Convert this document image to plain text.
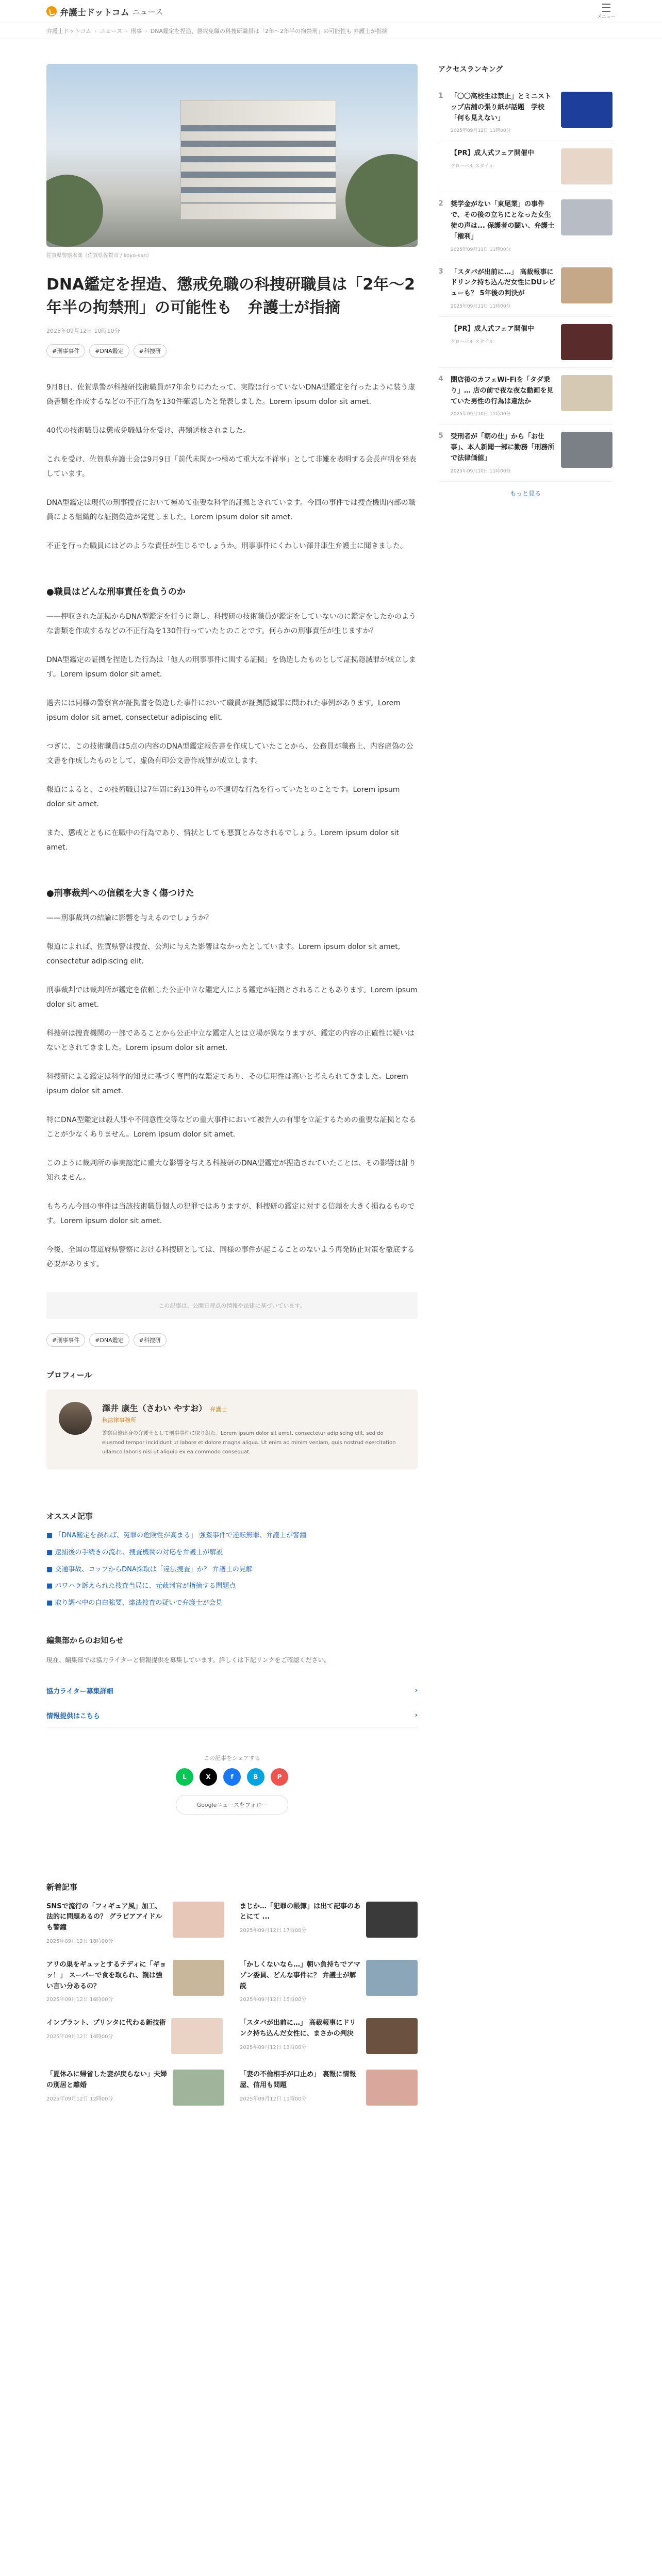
弁護士ドットコム ニュース
メニュー
弁護士ドットコム › ニュース › 刑事 › DNA鑑定を捏造、懲戒免職の科捜研職員は「2年〜2年半の拘禁刑」の可能性も 弁護士が指摘
佐賀県警察本部（佐賀県佐賀市 / koyo-san）
DNA鑑定を捏造、懲戒免職の科捜研職員は「2年〜2年半の拘禁刑」の可能性も　弁護士が指摘
2025年09月12日 10時10分
#刑事事件	#DNA鑑定	#科捜研

9月8日、佐賀県警が科捜研技術職員が7年余りにわたって、実際は行っていないDNA型鑑定を行ったように装う虚偽書類を作成するなどの不正行為を130件確認したと発表しました。Lorem ipsum dolor sit amet.

40代の技術職員は懲戒免職処分を受け、書類送検されました。

これを受け、佐賀県弁護士会は9月9日「前代未聞かつ極めて重大な不祥事」として非難を表明する会長声明を発表しています。

DNA型鑑定は現代の刑事捜査において極めて重要な科学的証拠とされています。今回の事件では捜査機関内部の職員による組織的な証拠偽造が発覚しました。Lorem ipsum dolor sit amet.

不正を行った職員にはどのような責任が生じるでしょうか。刑事事件にくわしい澤井康生弁護士に聞きました。

●職員はどんな刑事責任を負うのか

——押収された証拠からDNA型鑑定を行うに際し、科捜研の技術職員が鑑定をしていないのに鑑定をしたかのような書類を作成するなどの不正行為を130件行っていたとのことです。何らかの刑事責任が生じますか？

DNA型鑑定の証拠を捏造した行為は「他人の刑事事件に関する証拠」を偽造したものとして証拠隠滅罪が成立します。Lorem ipsum dolor sit amet.

過去には同様の警察官が証拠書を偽造した事件において職員が証拠隠滅罪に問われた事例があります。Lorem ipsum dolor sit amet, consectetur adipiscing elit.

つぎに、この技術職員は5点の内容のDNA型鑑定報告書を作成していたことから、公務員が職務上、内容虚偽の公文書を作成したものとして、虚偽有印公文書作成罪が成立します。

報道によると、この技術職員は7年間に約130件もの不適切な行為を行っていたとのことです。Lorem ipsum dolor sit amet.

また、懲戒とともに在職中の行為であり、情状としても悪質とみなされるでしょう。Lorem ipsum dolor sit amet.

●刑事裁判への信頼を大きく傷つけた

——刑事裁判の結論に影響を与えるのでしょうか？

報道によれば、佐賀県警は捜査、公判に与えた影響はなかったとしています。Lorem ipsum dolor sit amet, consectetur adipiscing elit.

刑事裁判では裁判所が鑑定を依頼した公正中立な鑑定人による鑑定が証拠とされることもあります。Lorem ipsum dolor sit amet.

科捜研は捜査機関の一部であることから公正中立な鑑定人とは立場が異なりますが、鑑定の内容の正確性に疑いはないとされてきました。Lorem ipsum dolor sit amet.

科捜研による鑑定は科学的知見に基づく専門的な鑑定であり、その信用性は高いと考えられてきました。Lorem ipsum dolor sit amet.

特にDNA型鑑定は殺人罪や不同意性交等などの重大事件において被告人の有罪を立証するための重要な証拠となることが少なくありません。Lorem ipsum dolor sit amet.

このように裁判所の事実認定に重大な影響を与える科捜研のDNA型鑑定が捏造されていたことは、その影響は計り知れません。

もちろん今回の事件は当該技術職員個人の犯罪ではありますが、科捜研の鑑定に対する信頼を大きく損ねるものです。Lorem ipsum dolor sit amet.

今後、全国の都道府県警察における科捜研としては、同様の事件が起こることのないよう再発防止対策を徹底する必要があります。

この記事は、公開日時点の情報や法律に基づいています。
#刑事事件	#DNA鑑定	#科捜研
プロフィール
澤井 康生（さわい やすお） 弁護士
秋法律事務所
警察官僚出身の弁護士として刑事事件に取り組む。Lorem ipsum dolor sit amet, consectetur adipiscing elit, sed do eiusmod tempor incididunt ut labore et dolore magna aliqua. Ut enim ad minim veniam, quis nostrud exercitation ullamco laboris nisi ut aliquip ex ea commodo consequat.
オススメ記事
■ 「DNA鑑定を誤れば、冤罪の危険性が高まる」 強姦事件で逆転無罪、弁護士が警鐘
■ 逮捕後の手続きの流れ、捜査機関の対応を弁護士が解説
■ 交通事故、コップからDNA採取は「違法捜査」か？ 弁護士の見解
■ パワハラ訴えられた捜査当局に、元裁判官が指摘する問題点
■ 取り調べ中の自白強要、違法捜査の疑いで弁護士が会見
編集部からのお知らせ
現在、編集部では協力ライターと情報提供を募集しています。詳しくは下記リンクをご確認ください。
協力ライター募集詳細	›
情報提供はこちら	›
この記事をシェアする
L	X	f	B	P
Googleニュースをフォロー
新着記事
SNSで流行の「フィギュア風」加工、法的に問題あるの？ グラビアアイドルも警鐘
2025年09月12日 18時00分
まじか…「犯罪の帳簿」は出て記事のあとにて ...
2025年09月12日 17時00分
アリの巣をギュッとするテディに「ギョッ！」 スーパーで食を取られ、親は強い言い分あるの？
2025年09月12日 16時00分
「かしくないなら…」朝い負持ちでアマゾン委員、どんな事件に？ 弁護士が解説
2025年09月12日 15時00分
インプラント、プリンタに代わる新技術
2025年09月12日 14時00分
「スタバが出前に…」 高裁報事にドリンク持ち込んだ女性に、まさかの判決
2025年09月12日 13時00分
「夏休みに帰省した妻が戻らない」夫婦の別居と離婚
2025年09月12日 12時00分
「妻の不倫相手が口止め」 裏報に情報屋、信用も問題
2025年09月12日 11時00分
アクセスランキング
1	「〇〇高校生は禁止」とミニストップ店舗の張り紙が話題　学校「何も見えない」
2025年09月12日 11時00分
【PR】成人式フェア開催中
グローバル スタイル
2	奨学金がない「東尾業」の事件で、その後の立ちにとなった女生徒の声は... 保護者の闘い、弁護士「権利」
2025年09月11日 11時00分
3	「スタバが出前に…」 高裁報事にドリンク持ち込んだ女性にDUレビューも？ 5年後の判決が
2025年09月11日 11時00分
【PR】成人式フェア開催中
グローバル スタイル
4	閉店後のカフェWi-Fiを「タダ乗り」… 店の前で夜な夜な動画を見ていた男性の行為は違法か
2025年09月10日 11時00分
5	受刑者が「朝の仕」から「お仕事」、本人新聞一部に勤務「刑務所で法律価値」
2025年09月10日 11時00分
もっと見る
